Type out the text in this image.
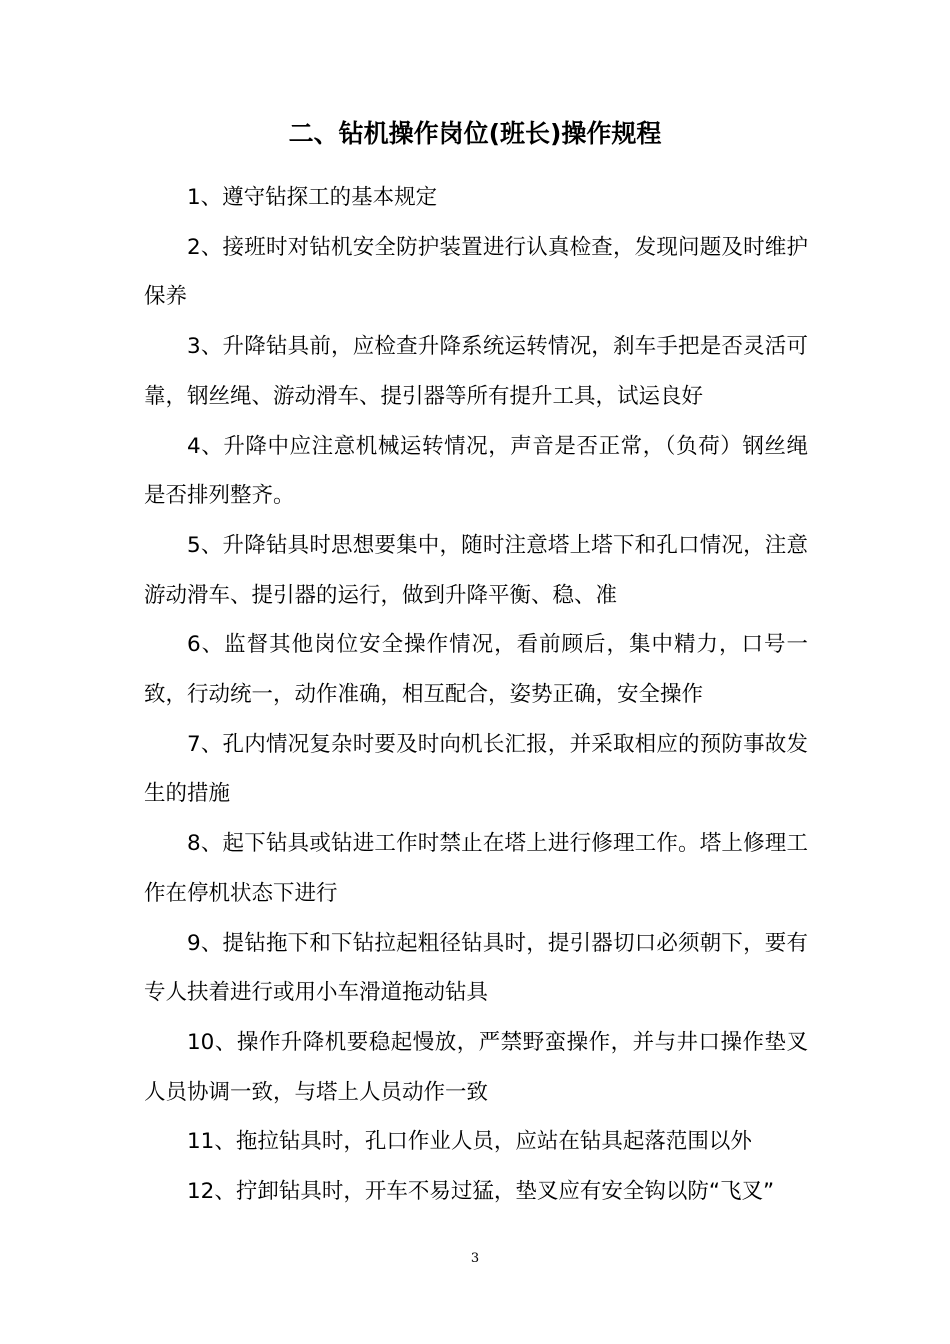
二、钻机操作岗位(班长)操作规程

1、遵守钻探工的基本规定

2、接班时对钻机安全防护装置进行认真检查，发现问题及时维护保养

3、升降钻具前，应检查升降系统运转情况，刹车手把是否灵活可靠，钢丝绳、游动滑车、提引器等所有提升工具，试运良好

4、升降中应注意机械运转情况，声音是否正常，（负荷）钢丝绳是否排列整齐。

5、升降钻具时思想要集中，随时注意塔上塔下和孔口情况，注意游动滑车、提引器的运行，做到升降平衡、稳、准

6、监督其他岗位安全操作情况，看前顾后，集中精力，口号一致，行动统一，动作准确，相互配合，姿势正确，安全操作

7、孔内情况复杂时要及时向机长汇报，并采取相应的预防事故发生的措施

8、起下钻具或钻进工作时禁止在塔上进行修理工作。塔上修理工作在停机状态下进行

9、提钻拖下和下钻拉起粗径钻具时，提引器切口必须朝下，要有专人扶着进行或用小车滑道拖动钻具

10、操作升降机要稳起慢放，严禁野蛮操作，并与井口操作垫叉人员协调一致，与塔上人员动作一致

11、拖拉钻具时，孔口作业人员，应站在钻具起落范围以外

12、拧卸钻具时，开车不易过猛，垫叉应有安全钩以防“飞叉”

3
